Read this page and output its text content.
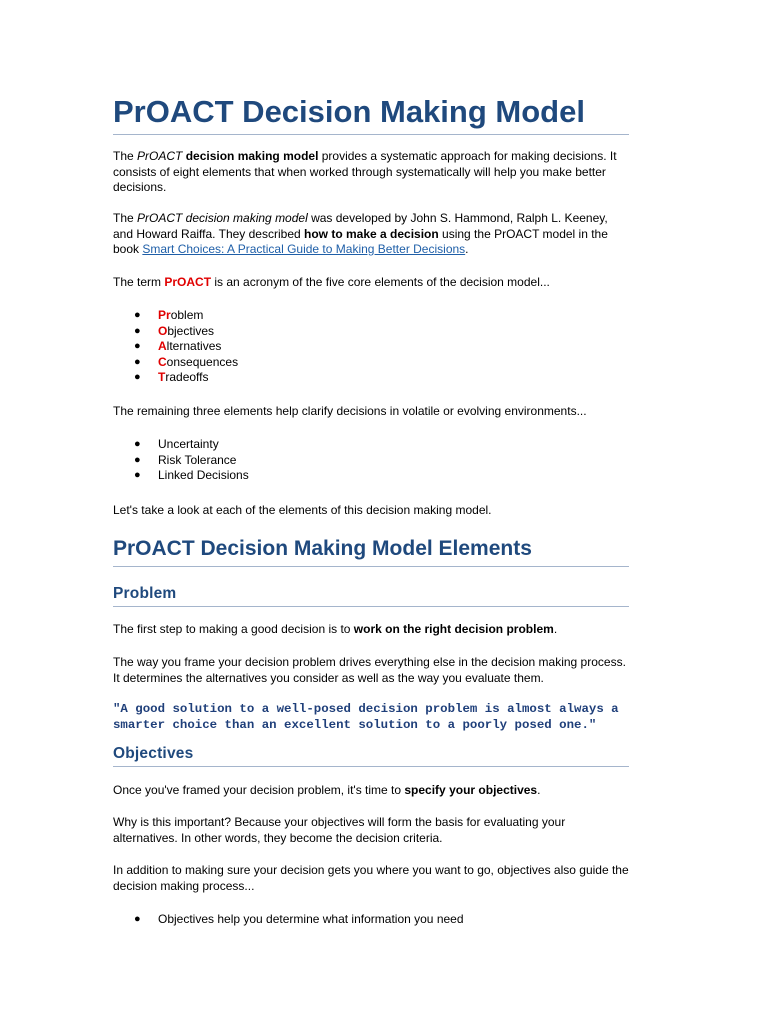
PrOACT Decision Making Model

The PrOACT decision making model provides a systematic approach for making decisions. It
consists of eight elements that when worked through systematically will help you make better
decisions.

The PrOACT decision making model was developed by John S. Hammond, Ralph L. Keeney,
and Howard Raiffa. They described how to make a decision using the PrOACT model in the
book Smart Choices: A Practical Guide to Making Better Decisions.

The term PrOACT is an acronym of the five core elements of the decision model...

● Problem
● Objectives
● Alternatives
● Consequences
● Tradeoffs

The remaining three elements help clarify decisions in volatile or evolving environments...

● Uncertainty
● Risk Tolerance
● Linked Decisions

Let's take a look at each of the elements of this decision making model.

PrOACT Decision Making Model Elements
Problem

The first step to making a good decision is to work on the right decision problem.

The way you frame your decision problem drives everything else in the decision making process.
It determines the alternatives you consider as well as the way you evaluate them.

"A good solution to a well-posed decision problem is almost always a
smarter choice than an excellent solution to a poorly posed one."
Objectives

Once you've framed your decision problem, it's time to specify your objectives.

Why is this important? Because your objectives will form the basis for evaluating your
alternatives. In other words, they become the decision criteria.

In addition to making sure your decision gets you where you want to go, objectives also guide the
decision making process...

● Objectives help you determine what information you need
